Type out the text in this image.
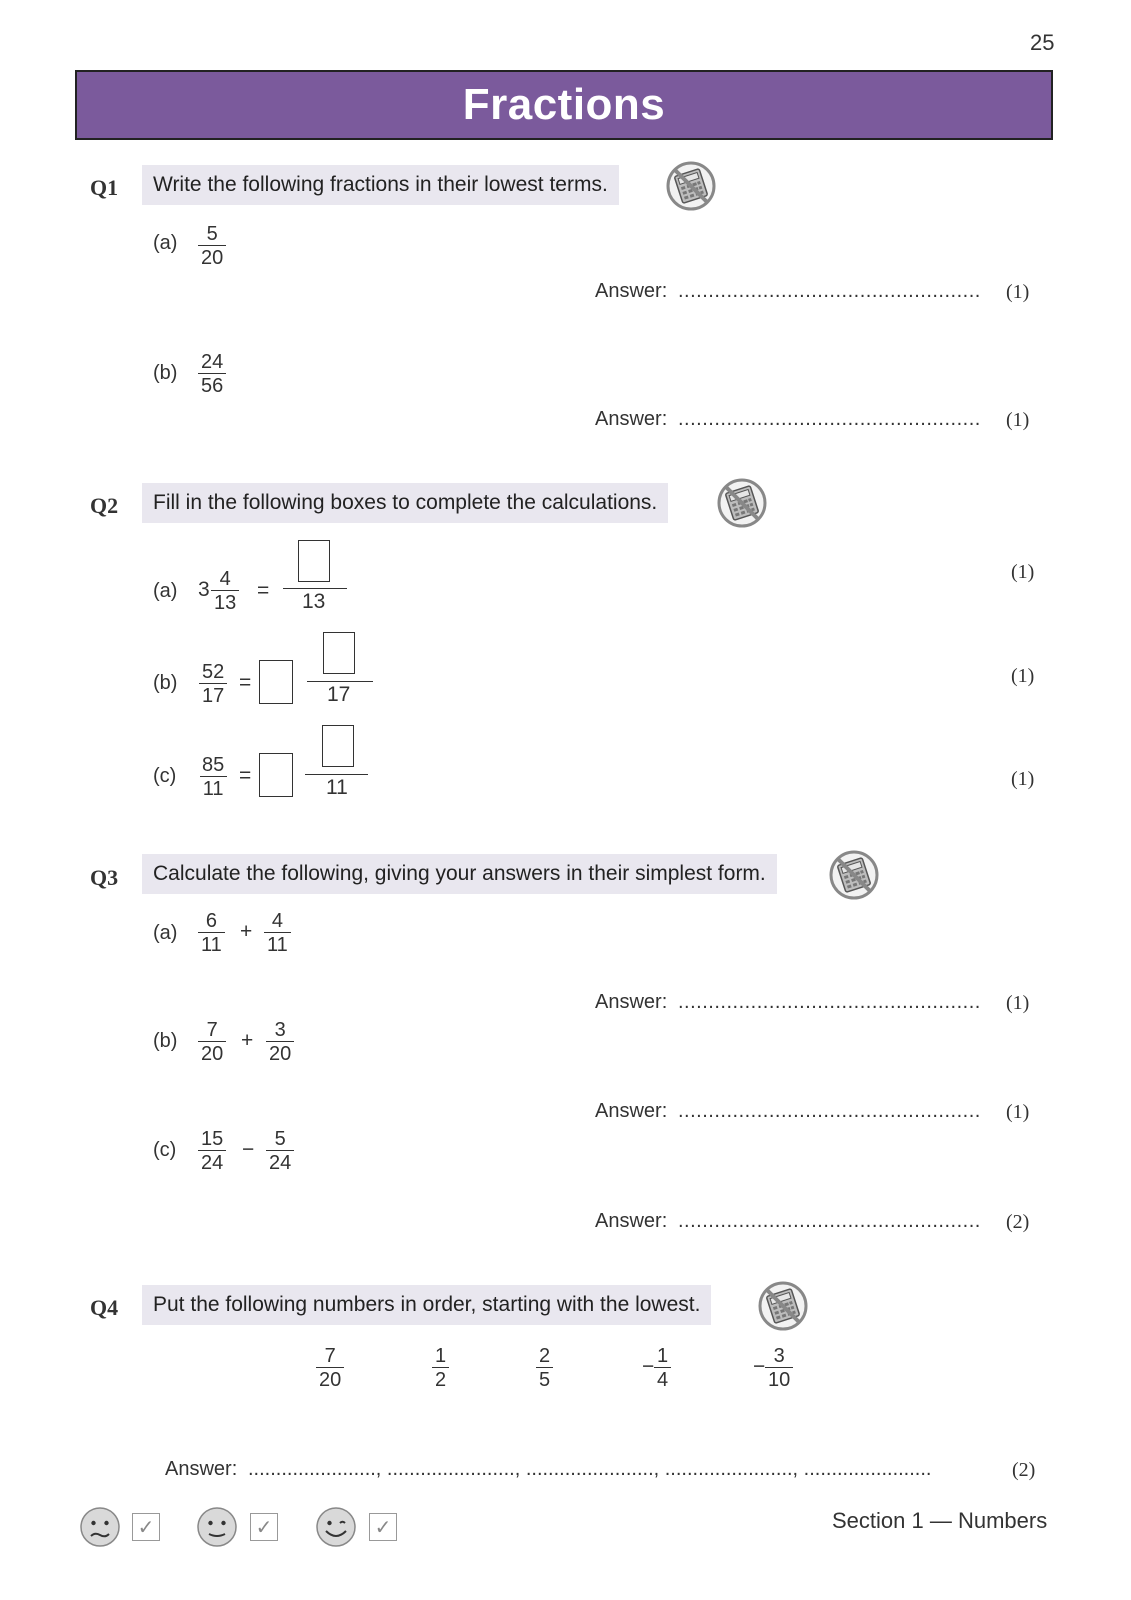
25
Fractions
Q1	Write the following fractions in their lowest terms.
$(a) \frac{5}{20}$
Answer: .................................................. (1)
$(b) \frac{24}{56}$
Answer: .................................................. (1)
Q2	Fill in the following boxes to complete the calculations.
(a) $3 \frac{4}{13} = 13$
(1)
$(b) \frac{52}{17}$ =
17
(1)
$(c) \frac{85}{11}$ =
11	(1)
Q3	Calculate the following, giving your answers in their simplest form.
$(a) \frac{6}{11} + \frac{4}{11}$
Answer: .................................................. (1)
$(b) \frac{7}{20} + \frac{3}{20}$
Answer: .................................................. (1)
$(c) \frac{15}{24} - \frac{5}{24}$
Answer: .................................................. (2)
Q4	Put the following numbers in order, starting with the lowest.
$\frac{7}{20}$	$\frac{1}{2}$	$\frac{2}{5}$	− $\frac{1}{4}$	− $\frac{3}{10}$
Answer: ......................., ......................., ......................., ......................., .......................	(2)
✓	✓	✓	Section 1 — Numbers
